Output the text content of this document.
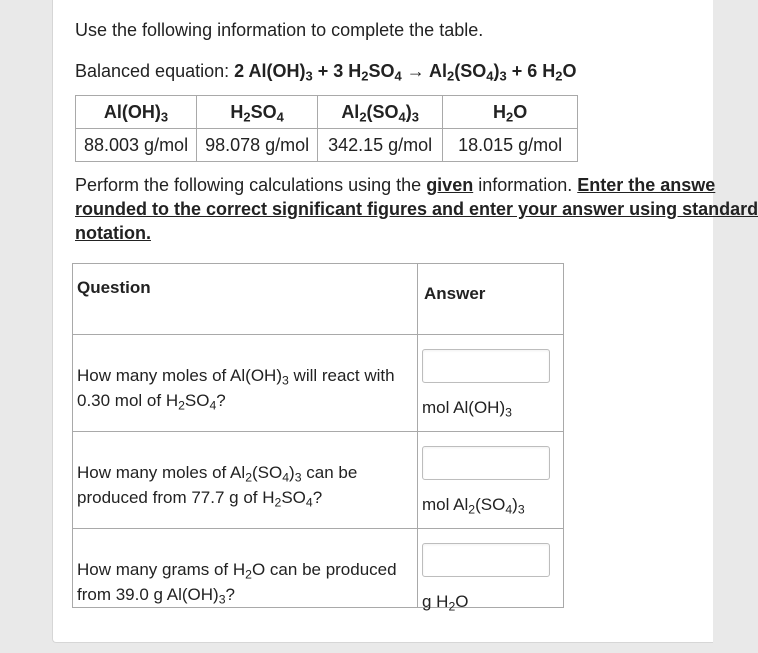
Use the following information to complete the table.
Balanced equation: 2 $Al(OH)_3 + 3$ $H_2SO_4 \to Al_2(SO_4)_3 + 6$ $H_2O$
$Al(OH)_3$	$H_2SO_4$	$Al_2(SO_4)_3$	$H_2O$
88.003 g/mol	98.078 g/mol	342.15 g/mol	18.015 g/mol
Perform the following calculations using the given information. Enter the answe
rounded to the correct significant figures and enter your answer using standard
notation.
Question	Answer

How many moles of $Al(OH)_3$ will react with
0.30 mol of $H_2SO_4$?	mol $Al(OH)_3$

How many moles of $Al_2(SO_4)_3$ can be
produced from 77.7 g of $H_2SO_4$?	mol $Al_2(SO_4)_3$

How many grams of $H_2O$ can be produced
from 39.0 g $Al(OH)_3$?	g $H_2O$
